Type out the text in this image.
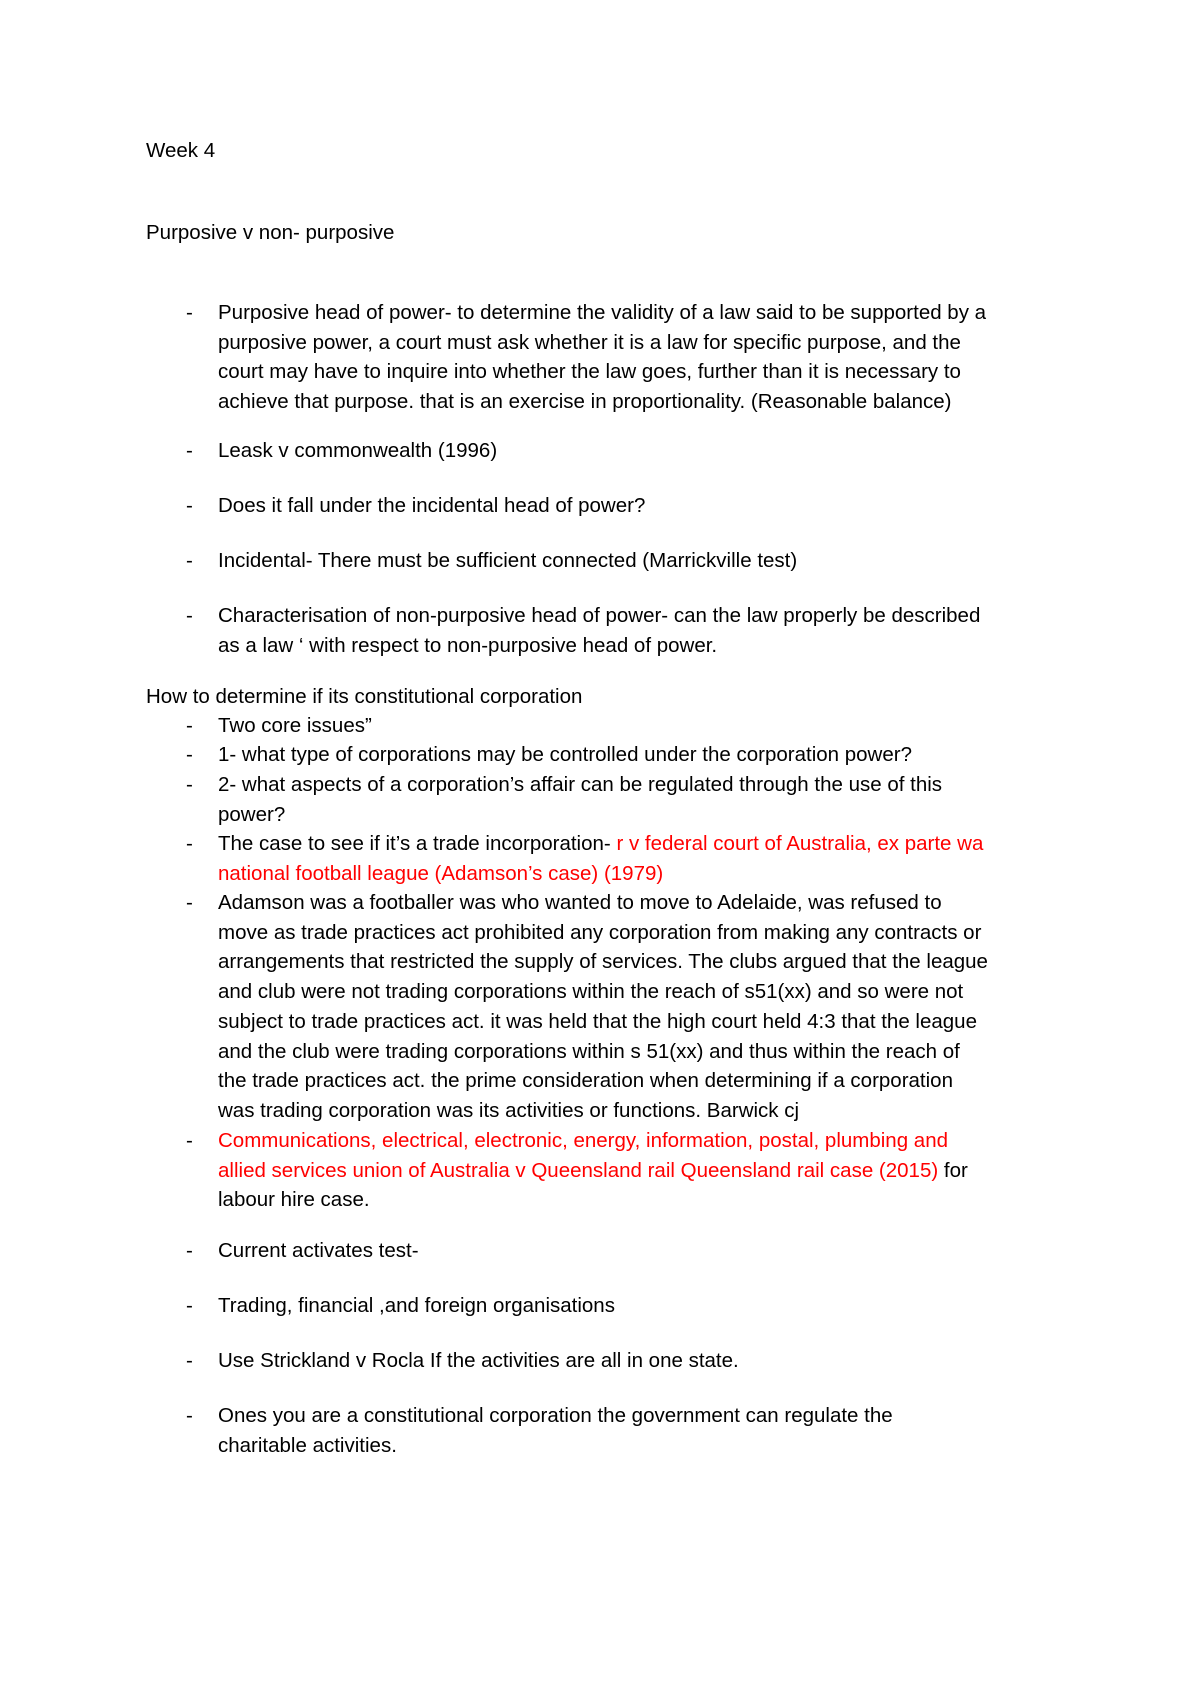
Week 4

Purposive v non- purposive

-	Purposive head of power- to determine the validity of a law said to be supported by a
purposive power, a court must ask whether it is a law for specific purpose, and the
court may have to inquire into whether the law goes, further than it is necessary to
achieve that purpose. that is an exercise in proportionality. (Reasonable balance)
-	Leask v commonwealth (1996)
-	Does it fall under the incidental head of power?
-	Incidental- There must be sufficient connected (Marrickville test)
-	Characterisation of non-purposive head of power- can the law properly be described
as a law ‘ with respect to non-purposive head of power.

How to determine if its constitutional corporation

-	Two core issues”
-	1- what type of corporations may be controlled under the corporation power?
-	2- what aspects of a corporation’s affair can be regulated through the use of this
power?
-	The case to see if it’s a trade incorporation- r v federal court of Australia, ex parte wa
national football league (Adamson’s case) (1979)
-	Adamson was a footballer was who wanted to move to Adelaide, was refused to
move as trade practices act prohibited any corporation from making any contracts or
arrangements that restricted the supply of services. The clubs argued that the league
and club were not trading corporations within the reach of s51(xx) and so were not
subject to trade practices act. it was held that the high court held 4:3 that the league
and the club were trading corporations within s 51(xx) and thus within the reach of
the trade practices act. the prime consideration when determining if a corporation
was trading corporation was its activities or functions. Barwick cj
-	Communications, electrical, electronic, energy, information, postal, plumbing and
allied services union of Australia v Queensland rail Queensland rail case (2015) for
labour hire case.
-	Current activates test-
-	Trading, financial ,and foreign organisations
-	Use Strickland v Rocla If the activities are all in one state.
-	Ones you are a constitutional corporation the government can regulate the
charitable activities.
